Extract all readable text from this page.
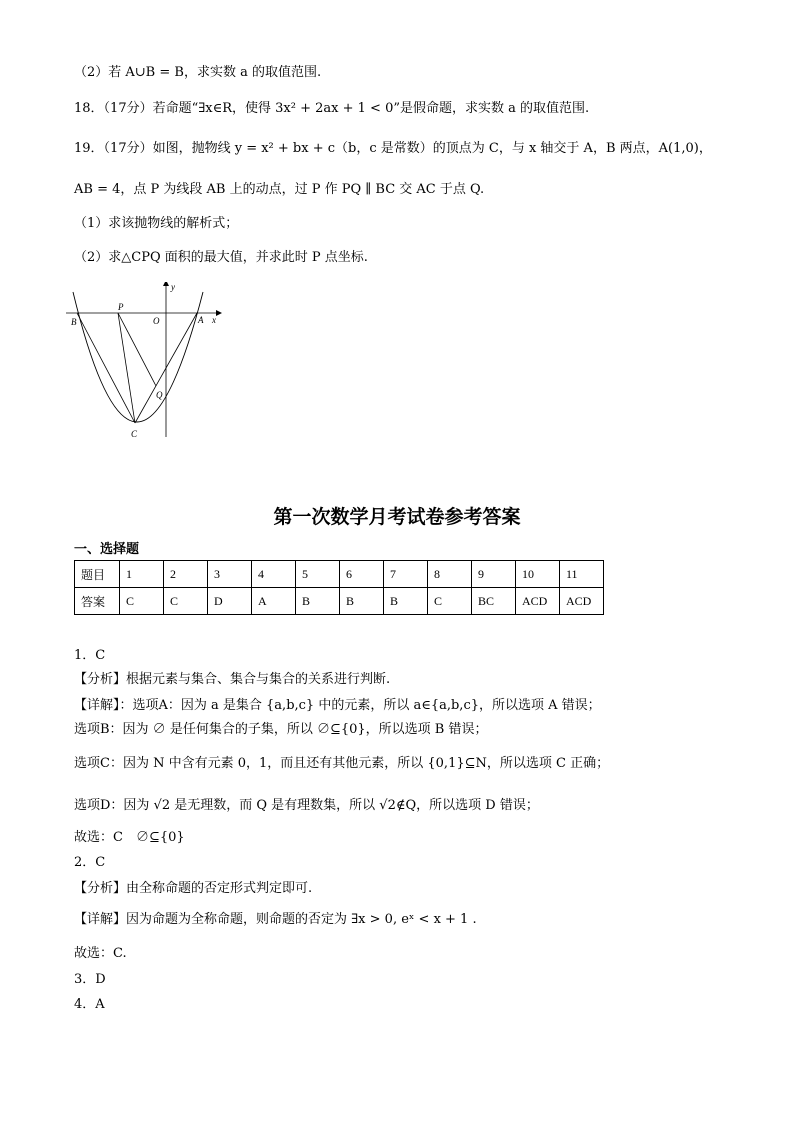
（2）若 A∪B = B，求实数 a 的取值范围.
18．（17分）若命题“∃x∈R，使得 3x² + 2ax + 1 < 0”是假命题，求实数 a 的取值范围.
19．（17分）如图，抛物线 y = x² + bx + c（b，c 是常数）的顶点为 C，与 x 轴交于 A，B 两点，A(1,0)，
AB = 4，点 P 为线段 AB 上的动点，过 P 作 PQ ∥ BC 交 AC 于点 Q.
（1）求该抛物线的解析式；
（2）求△CPQ 面积的最大值，并求此时 P 点坐标.
y
x
P
O
B	A
Q
C
第一次数学月考试卷参考答案
一、选择题
题目	1	2	3	4	5	6	7	8	9	10	11
答案	C	C	D	A	B	B	B	C	BC	ACD	ACD
1．C
【分析】根据元素与集合、集合与集合的关系进行判断.
【详解】：选项A：因为 a 是集合 {a,b,c} 中的元素，所以 a∈{a,b,c}，所以选项 A 错误；
选项B：因为 ∅ 是任何集合的子集，所以 ∅⊆{0}，所以选项 B 错误；
选项C：因为 N 中含有元素 0，1，而且还有其他元素，所以 {0,1}⊆N，所以选项 C 正确；
选项D：因为 √2 是无理数，而 Q 是有理数集，所以 √2∉Q，所以选项 D 错误；
故选：C　∅⊆{0}
2．C
【分析】由全称命题的否定形式判定即可.
【详解】因为命题为全称命题，则命题的否定为 ∃x > 0, eˣ < x + 1 .
故选：C.
3．D
4．A
